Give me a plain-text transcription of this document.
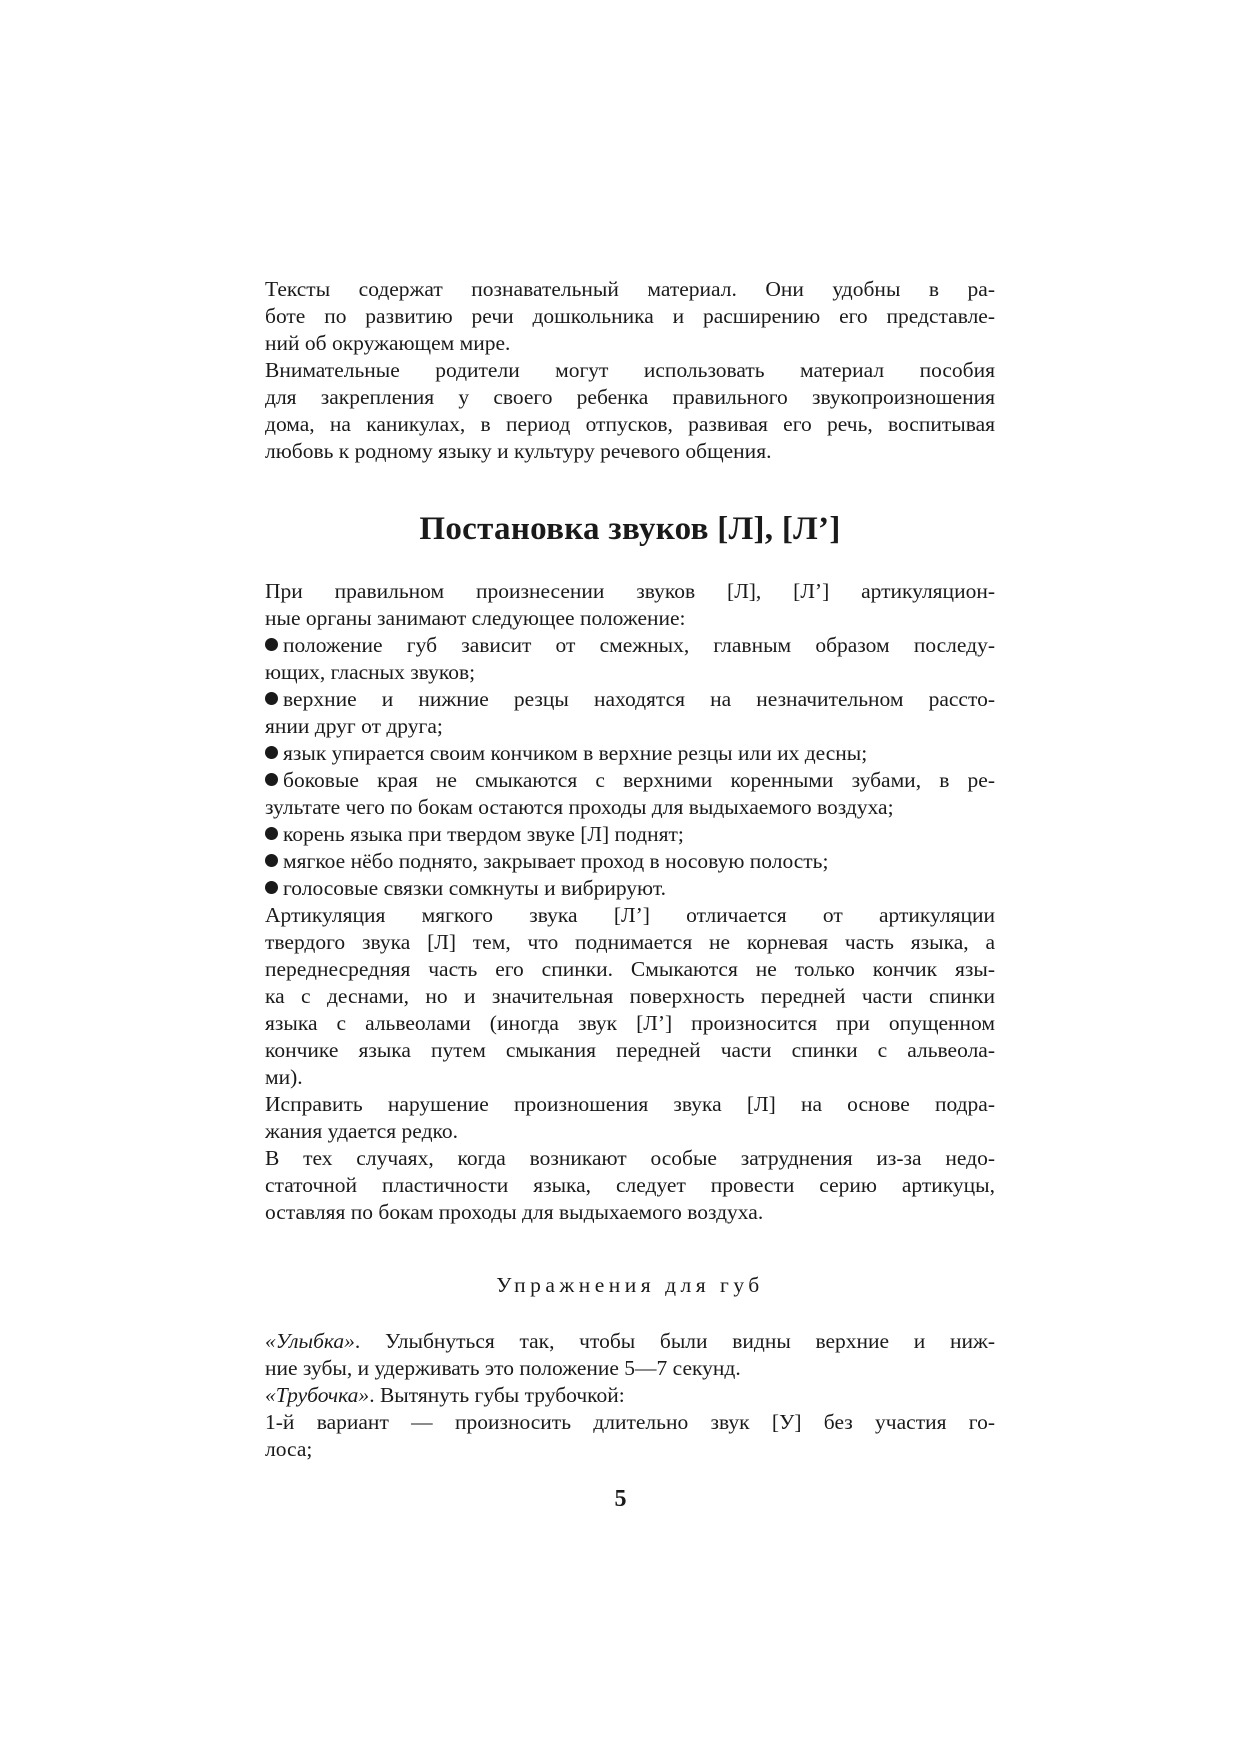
Тексты содержат познавательный материал. Они удобны в ра-
боте по развитию речи дошкольника и расширению его представле-
ний об окружающем мире.
Внимательные родители могут использовать материал пособия
для закрепления у своего ребенка правильного звукопроизношения
дома, на каникулах, в период отпусков, развивая его речь, воспитывая
любовь к родному языку и культуру речевого общения.
Постановка звуков [Л], [Л’]
При правильном произнесении звуков [Л], [Л’] артикуляцион-
ные органы занимают следующее положение:
положение губ зависит от смежных, главным образом последу-
ющих, гласных звуков;
верхние и нижние резцы находятся на незначительном рассто-
янии друг от друга;
язык упирается своим кончиком в верхние резцы или их десны;
боковые края не смыкаются с верхними коренными зубами, в ре-
зультате чего по бокам остаются проходы для выдыхаемого воздуха;
корень языка при твердом звуке [Л] поднят;
мягкое нёбо поднято, закрывает проход в носовую полость;
голосовые связки сомкнуты и вибрируют.
Артикуляция мягкого звука [Л’] отличается от артикуляции
твердого звука [Л] тем, что поднимается не корневая часть языка, а
переднесредняя часть его спинки. Смыкаются не только кончик язы-
ка с деснами, но и значительная поверхность передней части спинки
языка с альвеолами (иногда звук [Л’] произносится при опущенном
кончике языка путем смыкания передней части спинки с альвеола-
ми).
Исправить нарушение произношения звука [Л] на основе подра-
жания удается редко.
В тех случаях, когда возникают особые затруднения из-за недо-
статочной пластичности языка, следует провести серию артикуцы,
оставляя по бокам проходы для выдыхаемого воздуха.
Упражнения для губ
«Улыбка». Улыбнуться так, чтобы были видны верхние и ниж-
ние зубы, и удерживать это положение 5—7 секунд.
«Трубочка». Вытянуть губы трубочкой:
1-й вариант — произносить длительно звук [У] без участия го-
лоса;
5
